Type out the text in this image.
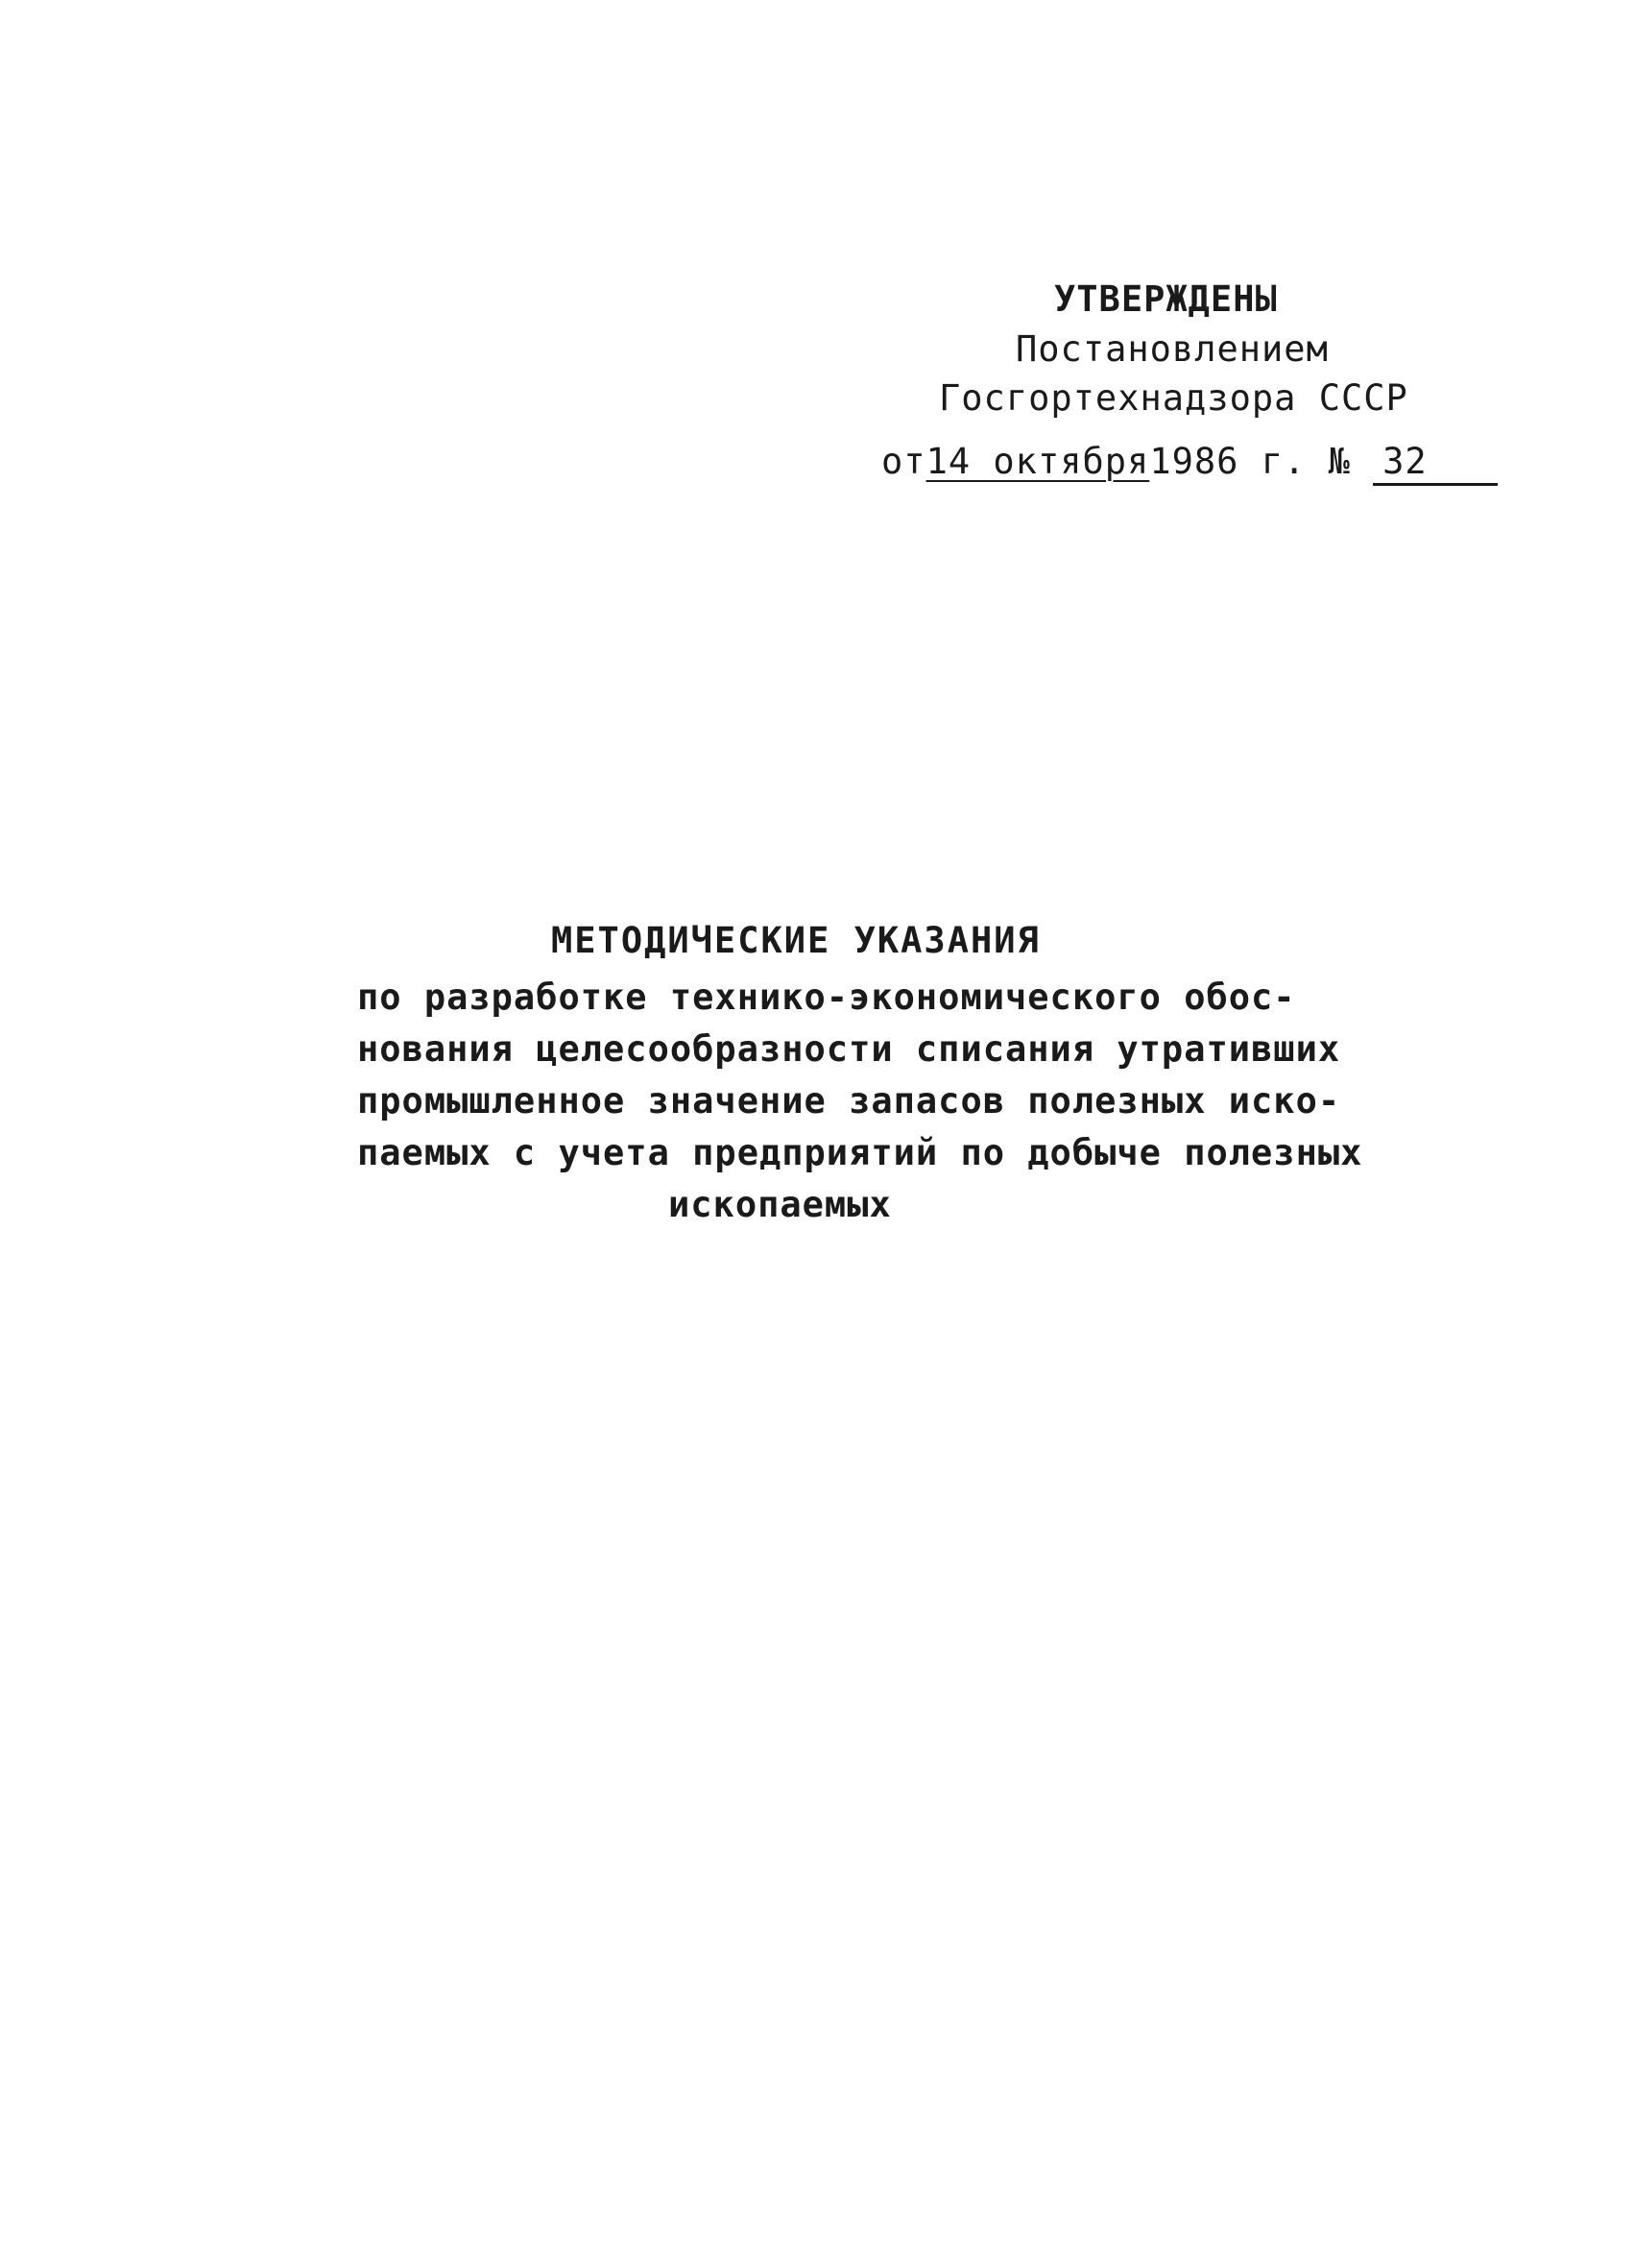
УТВЕРЖДЕНЫ
Постановлением
Госгортехнадзора СССР
от14 октября1986 г. № 32
МЕТОДИЧЕСКИЕ УКАЗАНИЯ
по разработке технико-экономического обос-
нования целесообразности списания утративших
промышленное значение запасов полезных иско-
паемых с учета предприятий по добыче полезных
ископаемых
